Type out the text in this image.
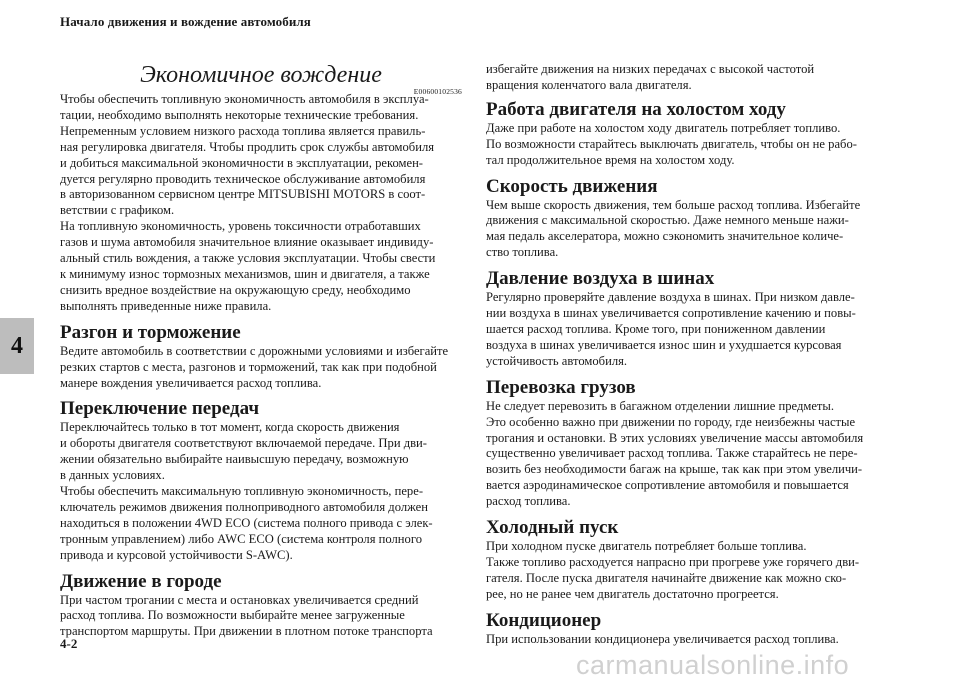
Начало движения и вождение автомобиля
4
Экономичное вождение
E00600102536

Чтобы обеспечить топливную экономичность автомобиля в эксплуа-

тации, необходимо выполнять некоторые технические требования.

Непременным условием низкого расхода топлива является правиль-

ная регулировка двигателя. Чтобы продлить срок службы автомобиля

и добиться максимальной экономичности в эксплуатации, рекомен-

дуется регулярно проводить техническое обслуживание автомобиля

в авторизованном сервисном центре MITSUBISHI MOTORS в соот-

ветствии с графиком.

На топливную экономичность, уровень токсичности отработавших

газов и шума автомобиля значительное влияние оказывает индивиду-

альный стиль вождения, а также условия эксплуатации. Чтобы свести

к минимуму износ тормозных механизмов, шин и двигателя, а также

снизить вредное воздействие на окружающую среду, необходимо

выполнять приведенные ниже правила.

Разгон и торможение

Ведите автомобиль в соответствии с дорожными условиями и избегайте

резких стартов с места, разгонов и торможений, так как при подобной

манере вождения увеличивается расход топлива.

Переключение передач

Переключайтесь только в тот момент, когда скорость движения

и обороты двигателя соответствуют включаемой передаче. При дви-

жении обязательно выбирайте наивысшую передачу, возможную

в данных условиях.

Чтобы обеспечить максимальную топливную экономичность, пере-

ключатель режимов движения полноприводного автомобиля должен

находиться в положении 4WD ECO (система полного привода с элек-

тронным управлением) либо AWC ECO (система контроля полного

привода и курсовой устойчивости S-AWC).

Движение в городе

При частом трогании с места и остановках увеличивается средний

расход топлива. По возможности выбирайте менее загруженные

транспортом маршруты. При движении в плотном потоке транспорта

избегайте движения на низких передачах с высокой частотой

вращения коленчатого вала двигателя.

Работа двигателя на холостом ходу

Даже при работе на холостом ходу двигатель потребляет топливо.

По возможности старайтесь выключать двигатель, чтобы он не рабо-

тал продолжительное время на холостом ходу.

Скорость движения

Чем выше скорость движения, тем больше расход топлива. Избегайте

движения с максимальной скоростью. Даже немного меньше нажи-

мая педаль акселератора, можно сэкономить значительное количе-

ство топлива.

Давление воздуха в шинах

Регулярно проверяйте давление воздуха в шинах. При низком давле-

нии воздуха в шинах увеличивается сопротивление качению и повы-

шается расход топлива. Кроме того, при пониженном давлении

воздуха в шинах увеличивается износ шин и ухудшается курсовая

устойчивость автомобиля.

Перевозка грузов

Не следует перевозить в багажном отделении лишние предметы.

Это особенно важно при движении по городу, где неизбежны частые

трогания и остановки. В этих условиях увеличение массы автомобиля

существенно увеличивает расход топлива. Также старайтесь не пере-

возить без необходимости багаж на крыше, так как при этом увеличи-

вается аэродинамическое сопротивление автомобиля и повышается

расход топлива.

Холодный пуск

При холодном пуске двигатель потребляет больше топлива.

Также топливо расходуется напрасно при прогреве уже горячего дви-

гателя. После пуска двигателя начинайте движение как можно ско-

рее, но не ранее чем двигатель достаточно прогреется.

Кондиционер

При использовании кондиционера увеличивается расход топлива.

4-2
carmanualsonline.info
